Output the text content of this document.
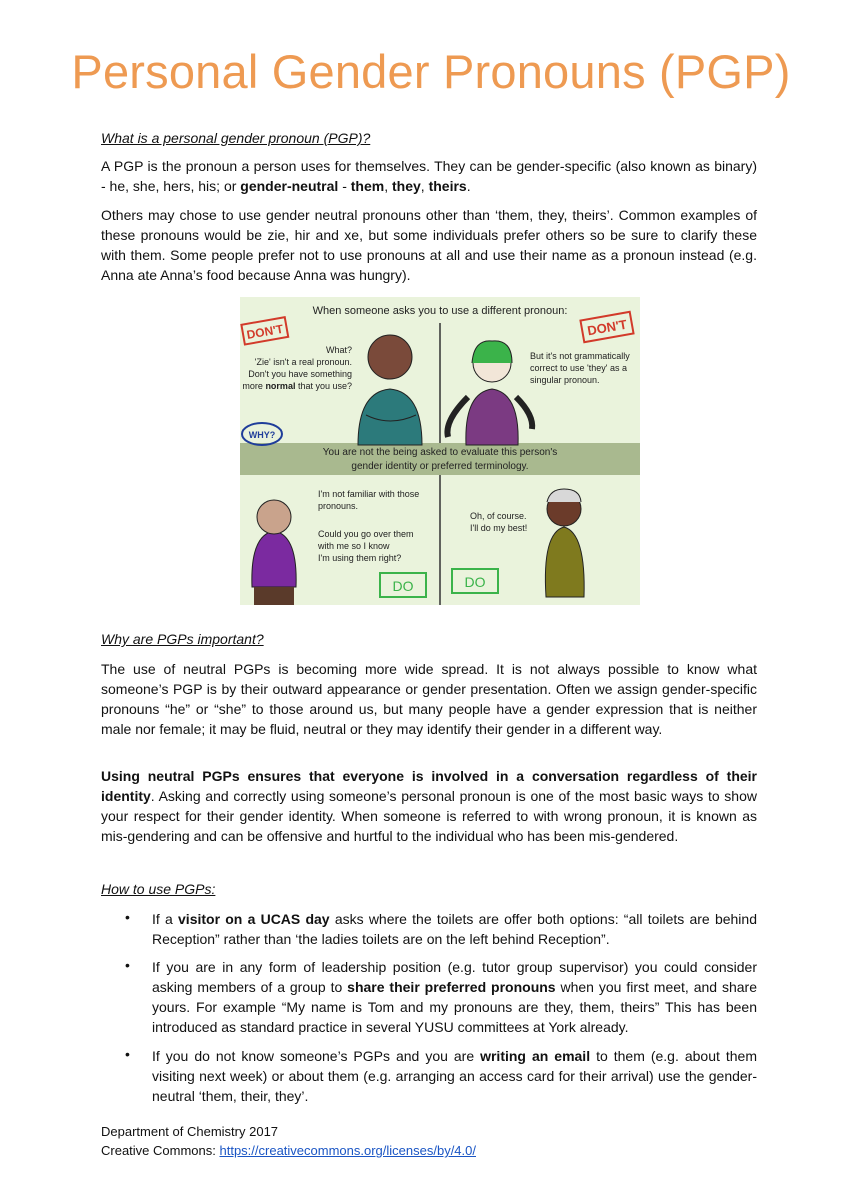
Personal Gender Pronouns (PGP)
What is a personal gender pronoun (PGP)?
A PGP is the pronoun a person uses for themselves. They can be gender-specific (also known as binary) - he, she, hers, his; or gender-neutral - them, they, theirs.
Others may chose to use gender neutral pronouns other than ‘them, they, theirs’. Common examples of these pronouns would be zie, hir and xe, but some individuals prefer others so be sure to clarify these with them. Some people prefer not to use pronouns at all and use their name as a pronoun instead (e.g. Anna ate Anna’s food because Anna was hungry).
When someone asks you to use a different pronoun:
You are not the being asked to evaluate this person's
gender identity or preferred terminology.
DON'T	DON'T
WHY?
What?
'Zie' isn't a real pronoun.
Don't you have something
more normal that you use?
But it's not grammatically
correct to use 'they' as a
singular pronoun.
I'm not familiar with those
pronouns.
Could you go over them
with me so I know
I'm using them right?
DO	DO
Oh, of course.
I'll do my best!
Why are PGPs important?
The use of neutral PGPs is becoming more wide spread. It is not always possible to know what someone’s PGP is by their outward appearance or gender presentation. Often we assign gender-specific pronouns “he” or “she” to those around us, but many people have a gender expression that is neither male nor female; it may be fluid, neutral or they may identify their gender in a different way.
Using neutral PGPs ensures that everyone is involved in a conversation regardless of their identity. Asking and correctly using someone’s personal pronoun is one of the most basic ways to show your respect for their gender identity. When someone is referred to with wrong pronoun, it is known as mis-gendering and can be offensive and hurtful to the individual who has been mis-gendered.
How to use PGPs:
• If a visitor on a UCAS day asks where the toilets are offer both options: “all toilets are behind Reception” rather than ‘the ladies toilets are on the left behind Reception”.
• If you are in any form of leadership position (e.g. tutor group supervisor) you could consider asking members of a group to share their preferred pronouns when you first meet, and share yours. For example “My name is Tom and my pronouns are they, them, theirs” This has been introduced as standard practice in several YUSU committees at York already.
• If you do not know someone’s PGPs and you are writing an email to them (e.g. about them visiting next week) or about them (e.g. arranging an access card for their arrival) use the gender-neutral ‘them, their, they’.
Department of Chemistry 2017
Creative Commons: https://creativecommons.org/licenses/by/4.0/
